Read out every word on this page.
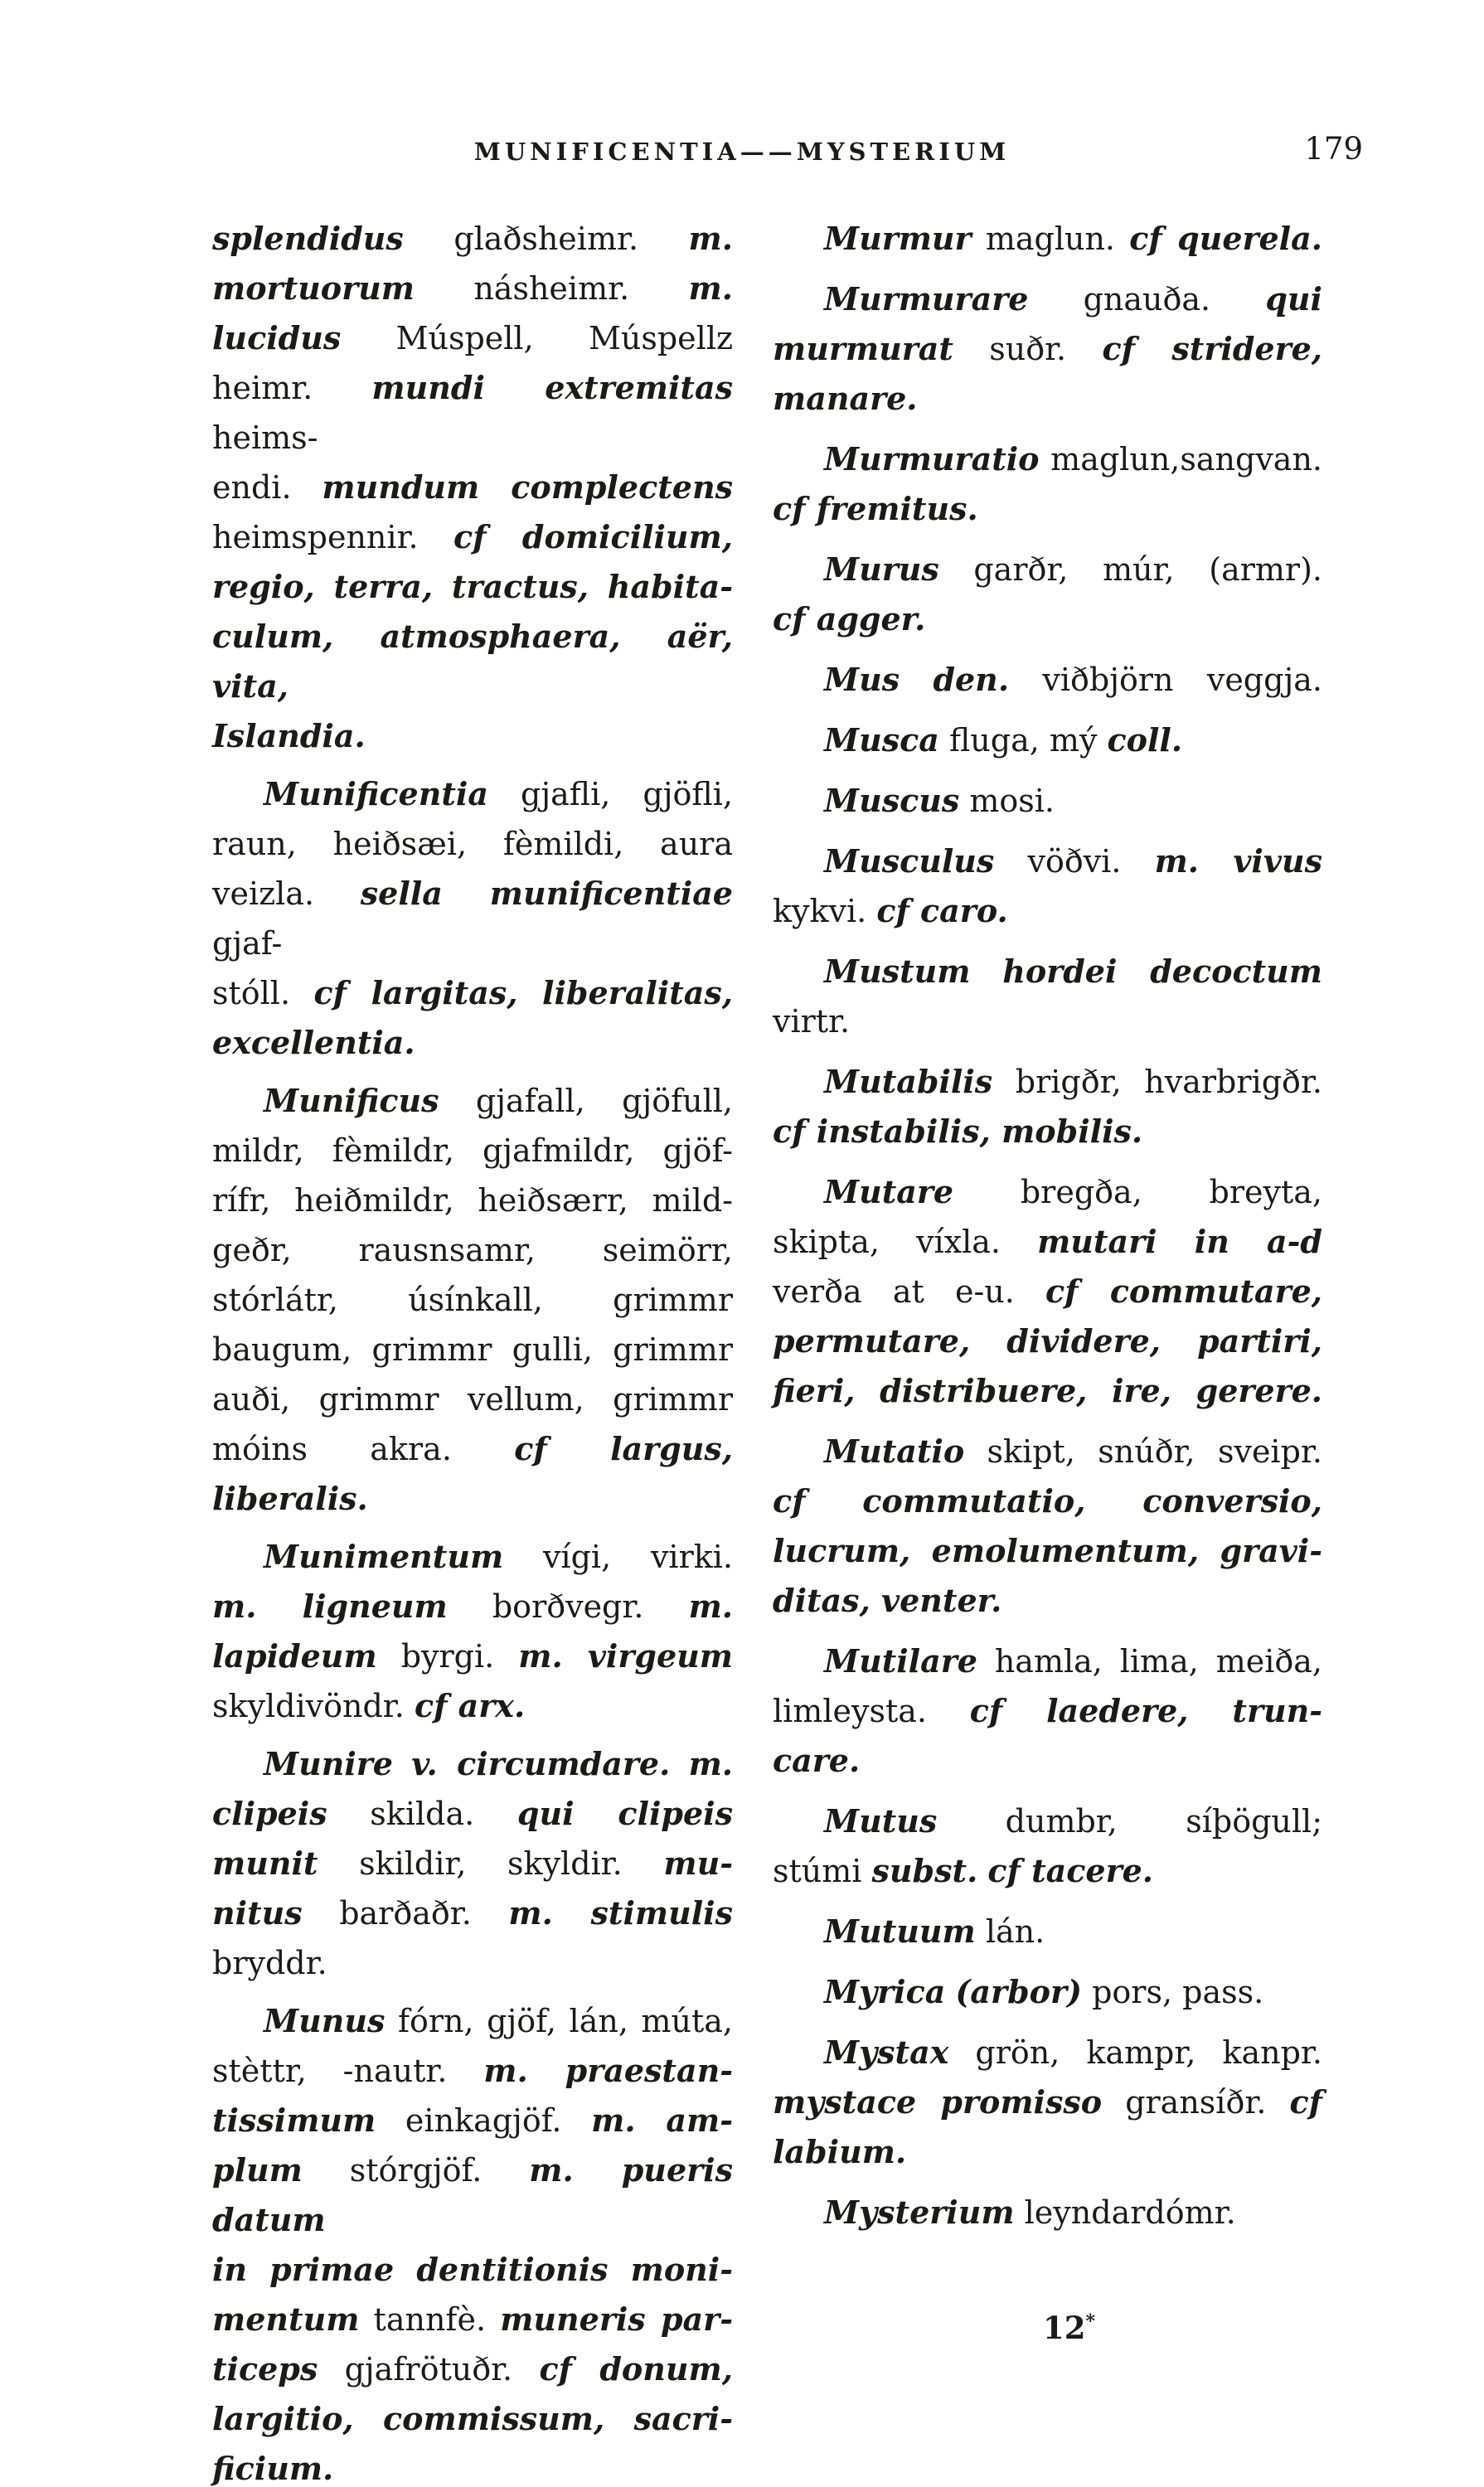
MUNIFICENTIA——MYSTERIUM	179
splendidus glaðsheimr. m.
mortuorum násheimr. m.
lucidus Múspell, Múspellz
heimr. mundi extremitas heims-
endi. mundum complectens
heimspennir. cf domicilium,
regio, terra, tractus, habita-
culum, atmosphaera, aër, vita,
Islandia.
Munificentia gjafli, gjöfli,
raun, heiðsæi, fèmildi, aura
veizla. sella munificentiae gjaf-
stóll. cf largitas, liberalitas,
excellentia.
Munificus gjafall, gjöfull,
mildr, fèmildr, gjafmildr, gjöf-
rífr, heiðmildr, heiðsærr, mild-
geðr, rausnsamr, seimörr,
stórlátr, úsínkall, grimmr
baugum, grimmr gulli, grimmr
auði, grimmr vellum, grimmr
móins akra. cf largus, liberalis.
Munimentum vígi, virki.
m. ligneum borðvegr. m.
lapideum byrgi. m. virgeum
skyldivöndr. cf arx.
Munire v. circumdare. m.
clipeis skilda. qui clipeis
munit skildir, skyldir. mu-
nitus barðaðr. m. stimulis
bryddr.
Munus fórn, gjöf, lán, múta,
stèttr, -nautr. m. praestan-
tissimum einkagjöf. m. am-
plum stórgjöf. m. pueris datum
in primae dentitionis moni-
mentum tannfè. muneris par-
ticeps gjafrötuðr. cf donum,
largitio, commissum, sacri-
ficium.
Murmur maglun. cf querela.
Murmurare gnauða. qui
murmurat suðr. cf stridere,
manare.
Murmuratio maglun,sangvan.
cf fremitus.
Murus garðr, múr, (armr).
cf agger.
Mus den. viðbjörn veggja.
Musca fluga, mý coll.
Muscus mosi.
Musculus vöðvi. m. vivus
kykvi. cf caro.
Mustum hordei decoctum
virtr.
Mutabilis brigðr, hvarbrigðr.
cf instabilis, mobilis.
Mutare bregða, breyta,
skipta, víxla. mutari in a-d
verða at e-u. cf commutare,
permutare, dividere, partiri,
fieri, distribuere, ire, gerere.
Mutatio skipt, snúðr, sveipr.
cf commutatio, conversio,
lucrum, emolumentum, gravi-
ditas, venter.
Mutilare hamla, lima, meiða,
limleysta. cf laedere, trun-
care.
Mutus dumbr, síþögull;
stúmi subst. cf tacere.
Mutuum lán.
Myrica (arbor) pors, pass.
Mystax grön, kampr, kanpr.
mystace promisso gransíðr. cf
labium.
Mysterium leyndardómr.
12*
